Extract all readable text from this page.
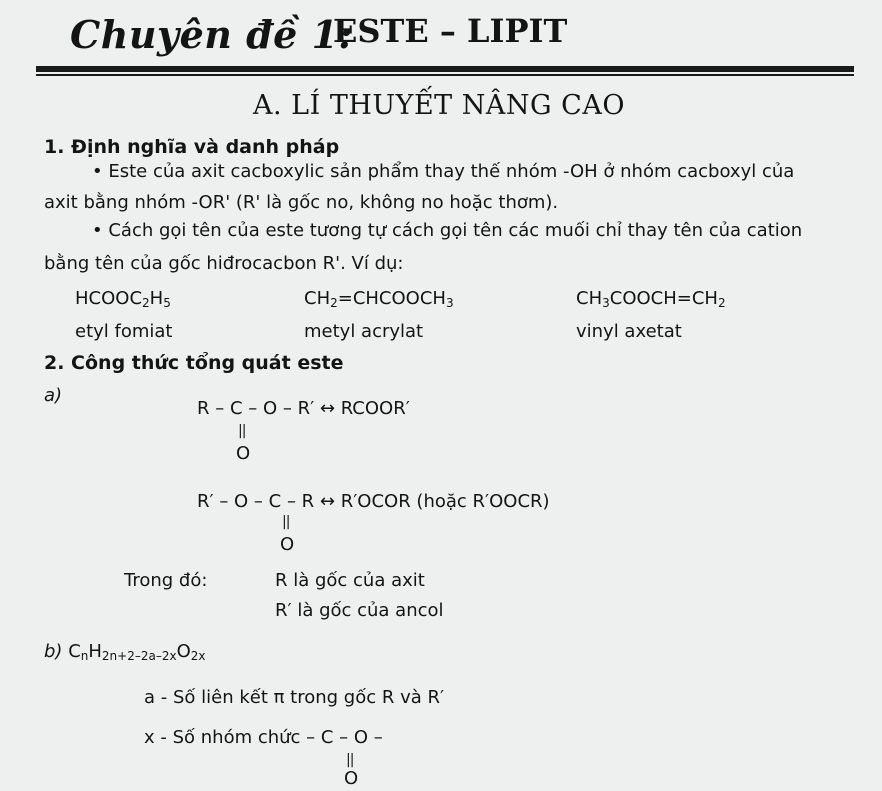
Chuyên đề 1:
ESTE – LIPIT
A. LÍ THUYẾT NÂNG CAO
1. Định nghĩa và danh pháp
• Este của axit cacboxylic sản phẩm thay thế nhóm -OH ở nhóm cacboxyl của
axit bằng nhóm -OR' (R' là gốc no, không no hoặc thơm).
• Cách gọi tên của este tương tự cách gọi tên các muối chỉ thay tên của cation
bằng tên của gốc hiđrocacbon R'. Ví dụ:
$HCOOC_2H_5$	$CH_2=CHCOOCH_3$	$CH_3COOCH=CH_2$
etyl fomiat	metyl acrylat	vinyl axetat
2. Công thức tổng quát este
a)
R – C – O – R′ ↔ RCOOR′
||
O
R′ – O – C – R ↔ R′OCOR (hoặc R′OOCR)
||
O
Trong đó:	R là gốc của axit
R′ là gốc của ancol
b) $C_nH_{2n+2-2a-2x}O_{2x}$
a - Số liên kết π trong gốc R và R′
x - Số nhóm chức – C – O –
||
O
